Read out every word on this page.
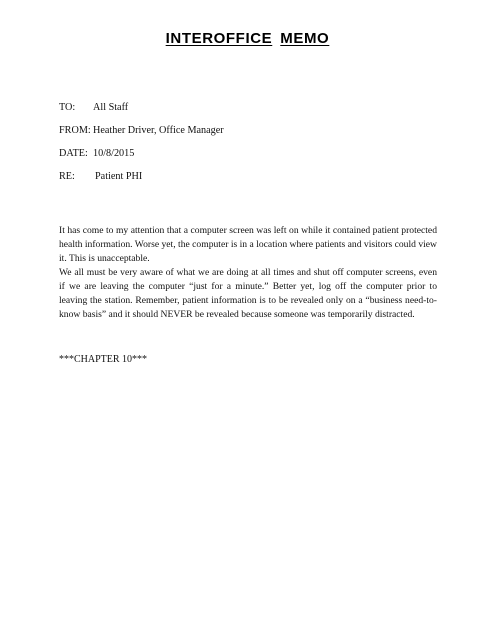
INTEROFFICE MEMO
TO: All Staff
FROM: Heather Driver, Office Manager
DATE: 10/8/2015
RE: Patient PHI

It has come to my attention that a computer screen was left on while it contained patient protected health information. Worse yet, the computer is in a location where patients and visitors could view it. This is unacceptable.

We all must be very aware of what we are doing at all times and shut off computer screens, even if we are leaving the computer “just for a minute.” Better yet, log off the computer prior to leaving the station. Remember, patient information is to be revealed only on a “business need-to-know basis” and it should NEVER be revealed because someone was temporarily distracted.

***CHAPTER 10***
